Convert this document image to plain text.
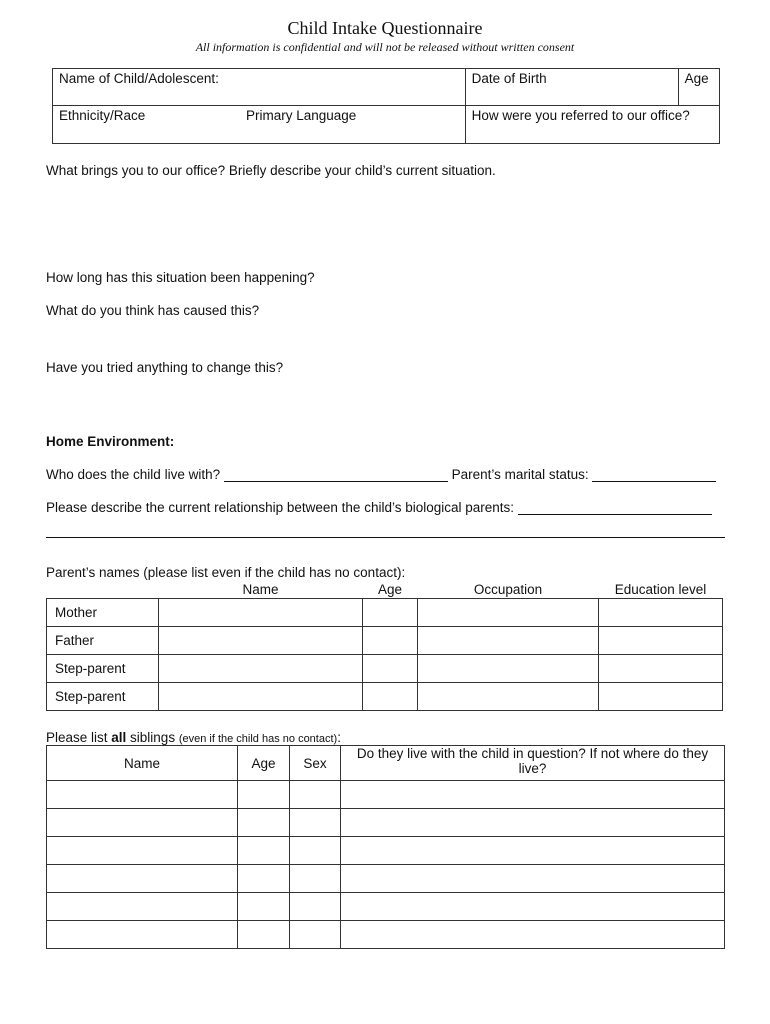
Child Intake Questionnaire
All information is confidential and will not be released without written consent
Name of Child/Adolescent:		Date of Birth	Age
Ethnicity/Race	Primary Language	How were you referred to our office?	
What brings you to our office? Briefly describe your child’s current situation.
How long has this situation been happening?
What do you think has caused this?
Have you tried anything to change this?
Home Environment:
Who does the child live with?	Parent’s marital status:
Please describe the current relationship between the child’s biological parents:
Parent’s names (please list even if the child has no contact):
	Name	Age	Occupation	Education level
Mother				
Father				
Step-parent				
Step-parent				
Please list all siblings (even if the child has no contact):
Name	Age	Sex	Do they live with the child in question? If not where do they live?
